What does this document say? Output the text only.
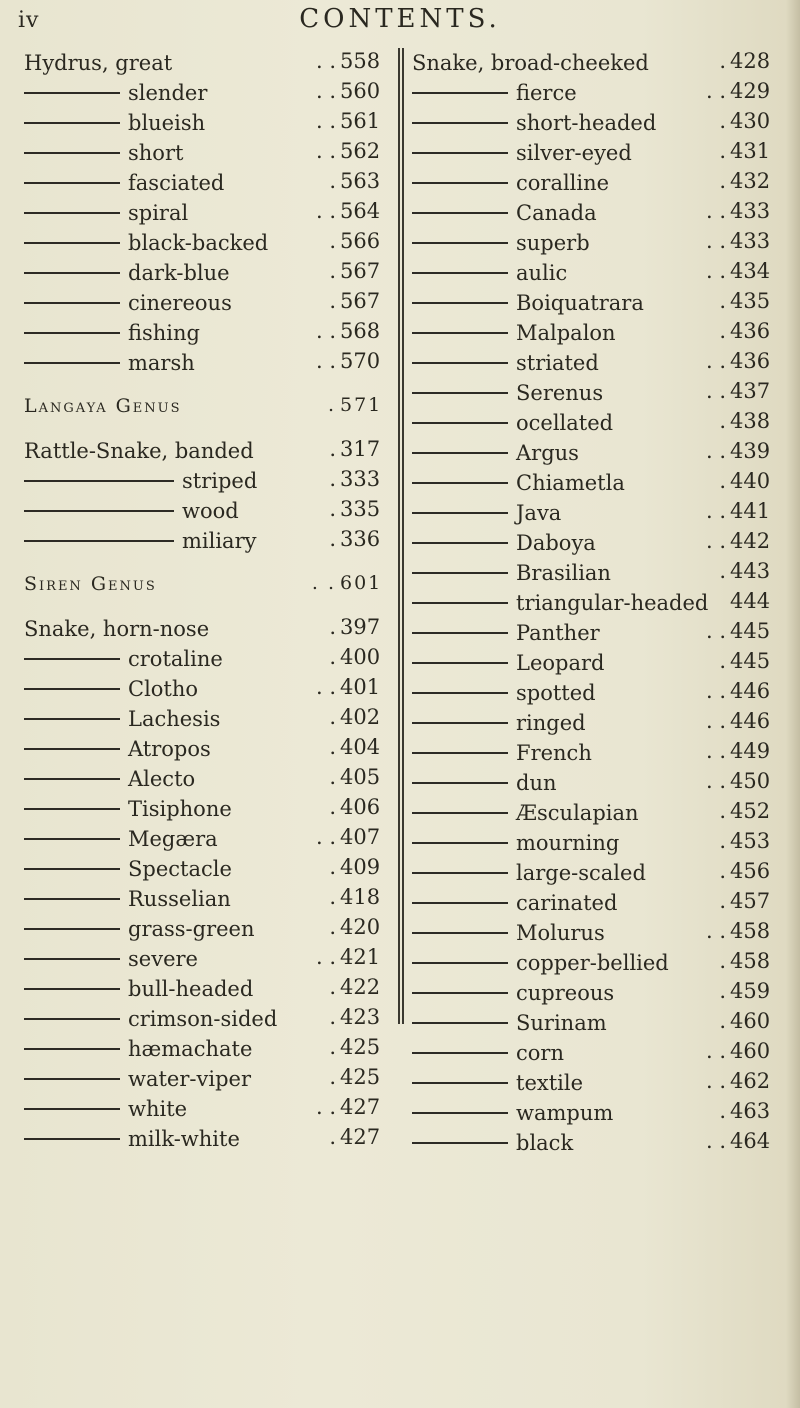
iv	CONTENTS.
Hydrus, great	. . 558
slender	. . 560
blueish	. . 561
short	. . 562
fasciated	. 563
spiral	. . 564
black-backed	. 566
dark-blue	. 567
cinereous	. 567
fishing	. . 568
marsh	. . 570
Langaya Genus	. 571
Rattle-Snake, banded	. 317
striped	. 333
wood	. 335
miliary	. 336
Siren Genus	. . 601
Snake, horn-nose	. 397
crotaline	. 400
Clotho	. . 401
Lachesis	. 402
Atropos	. 404
Alecto	. 405
Tisiphone	. 406
Megæra	. . 407
Spectacle	. 409
Russelian	. 418
grass-green	. 420
severe	. . 421
bull-headed	. 422
crimson-sided . 423
hæmachate	. 425
water-viper	. 425
white	. . 427
milk-white	. 427
Snake, broad-cheeked	. 428
fierce	. . 429
short-headed	. 430
silver-eyed	. 431
coralline	. 432
Canada	. . 433
superb	. . 433
aulic	. . 434
Boiquatrara	. 435
Malpalon	. 436
striated	. . 436
Serenus	. . 437
ocellated	. 438
Argus	. . 439
Chiametla	. 440
Java	. . 441
Daboya	. . 442
Brasilian	. 443
triangular-headed 444
Panther	. . 445
Leopard	. 445
spotted	. . 446
ringed	. . 446
French	. . 449
dun	. . 450
Æsculapian	. 452
mourning	. 453
large-scaled	. 456
carinated	. 457
Molurus	. . 458
copper-bellied . 458
cupreous	. 459
Surinam	. 460
corn	. . 460
textile	. . 462
wampum	. 463
black	. . 464
